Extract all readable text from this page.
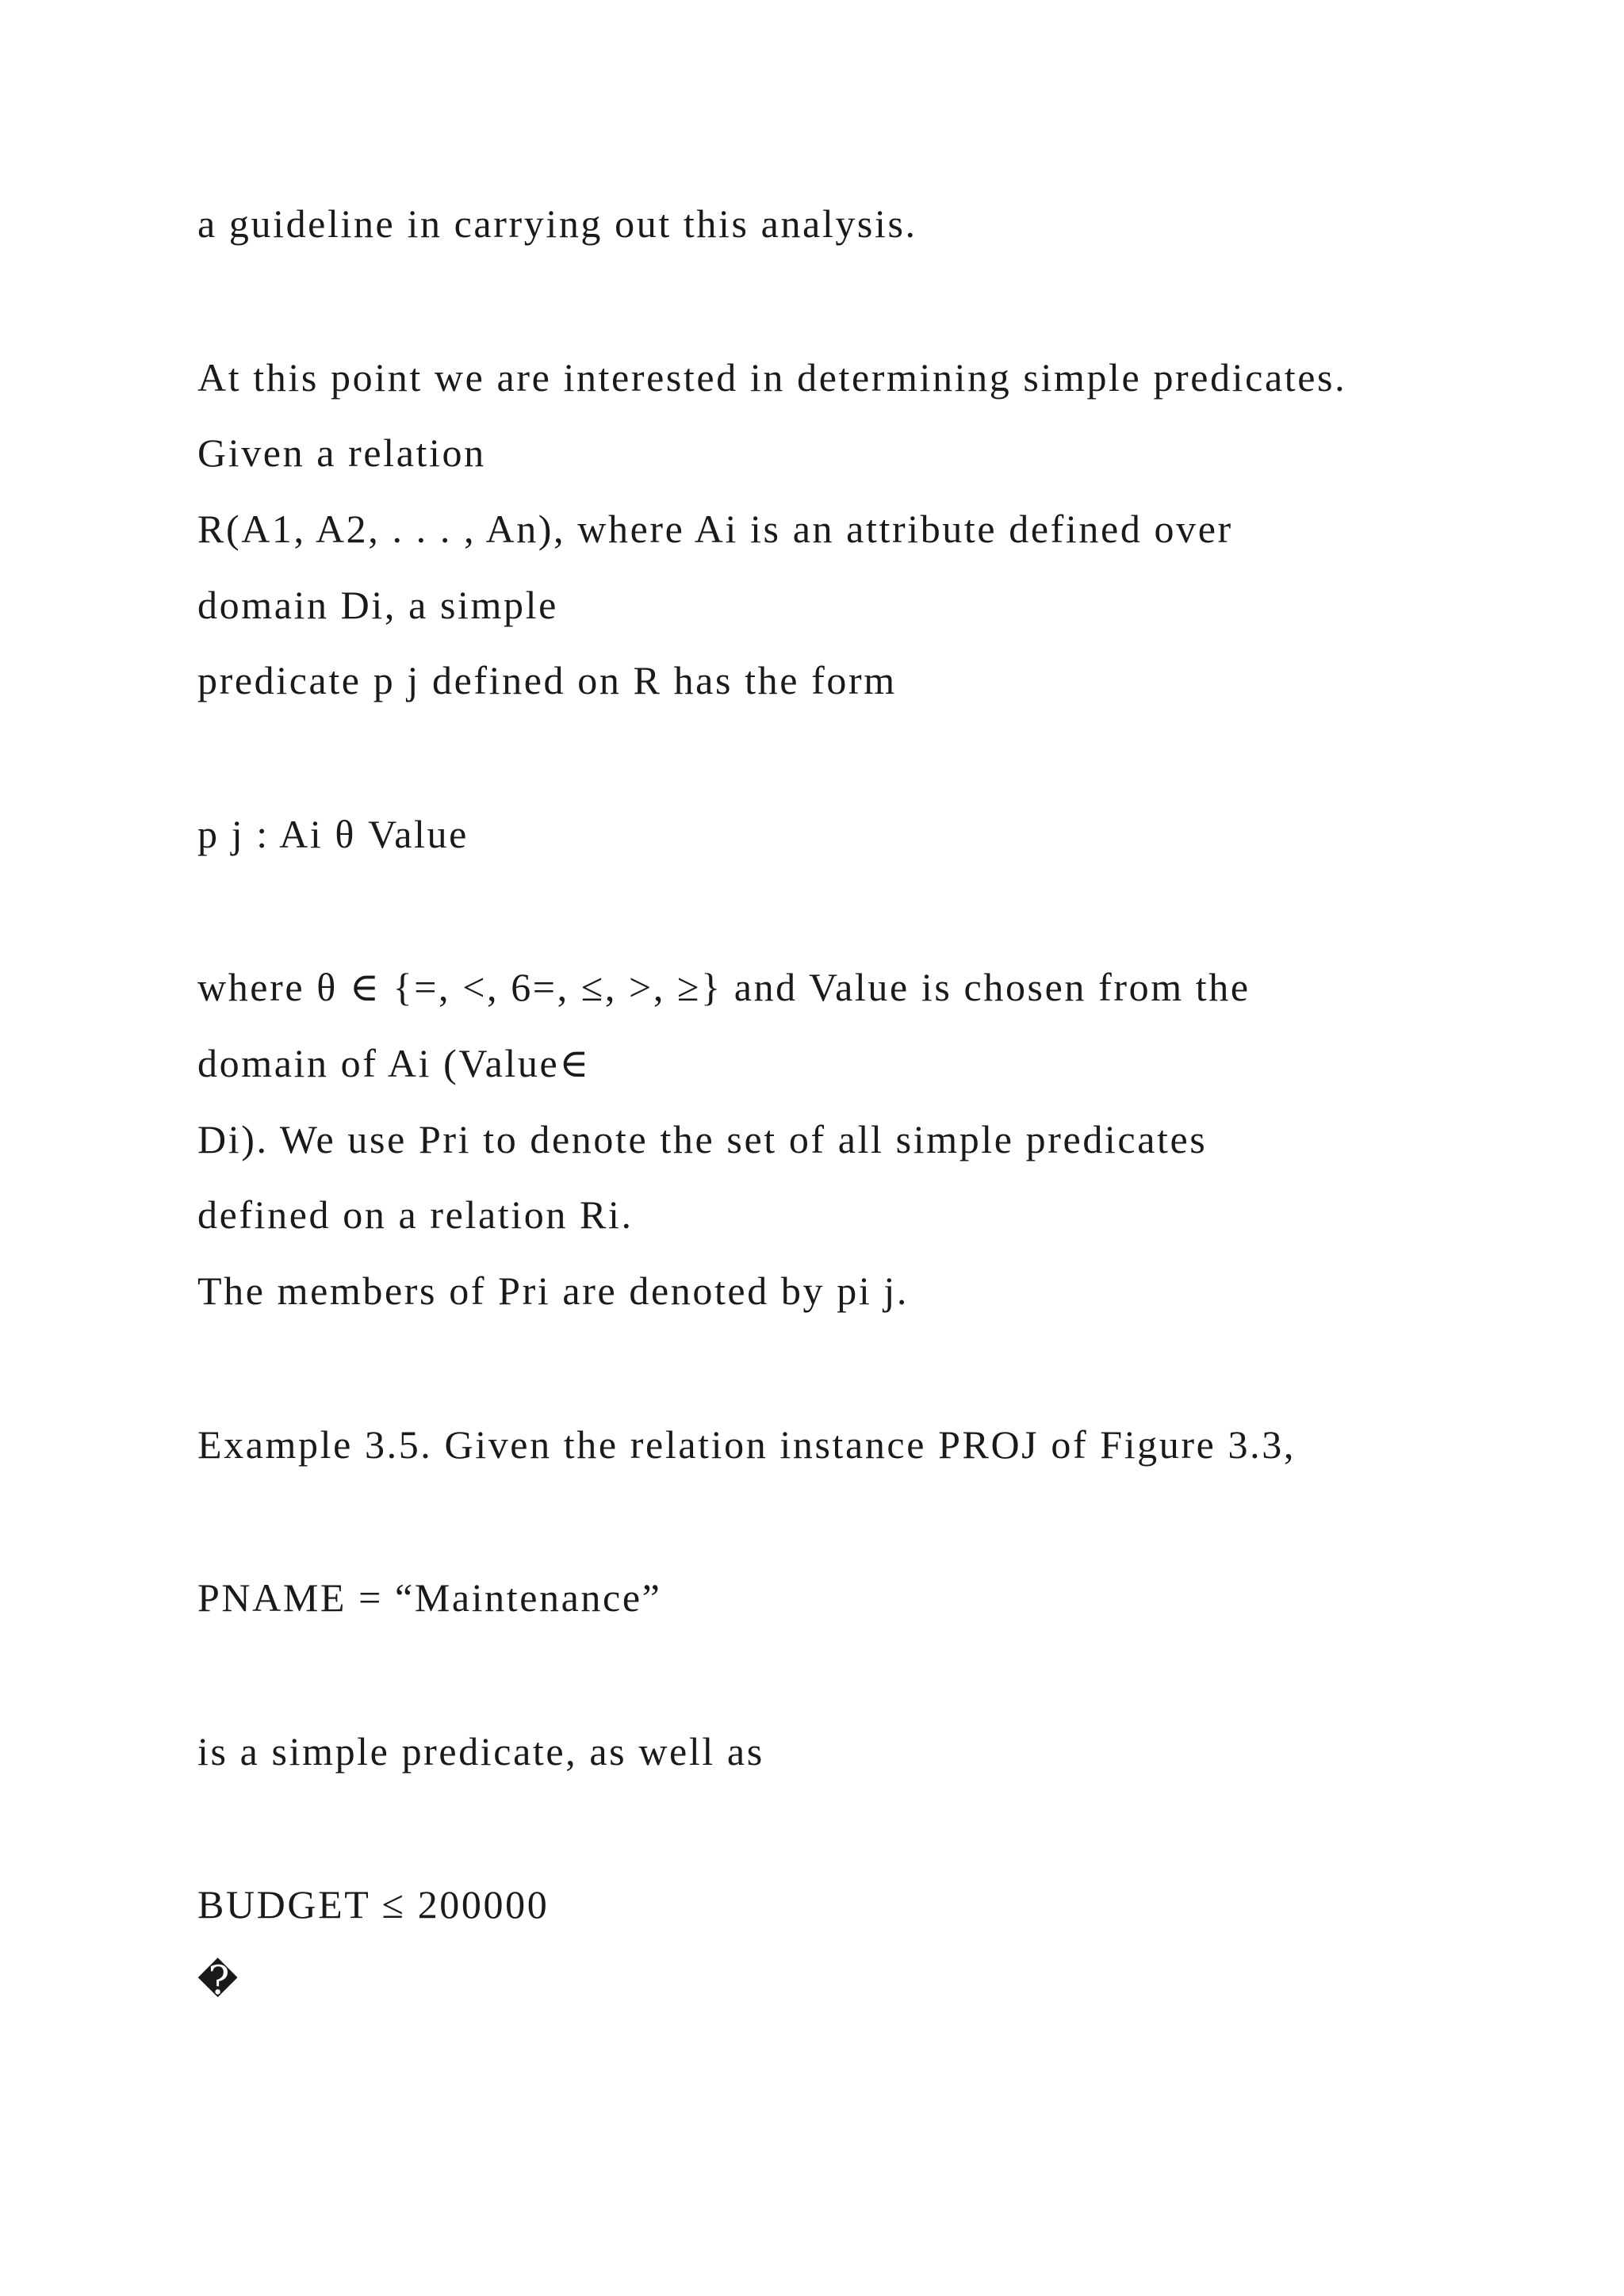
a guideline in carrying out this analysis.

At this point we are interested in determining simple predicates.

Given a relation

R(A1, A2, . . . , An), where Ai is an attribute defined over

domain Di, a simple

predicate p j defined on R has the form

p j : Ai θ Value

where θ ∈ {=, <, 6=, ≤, >, ≥} and Value is chosen from the

domain of Ai (Value∈

Di). We use Pri to denote the set of all simple predicates

defined on a relation Ri.

The members of Pri are denoted by pi j.

Example 3.5. Given the relation instance PROJ of Figure 3.3,

PNAME = “Maintenance”

is a simple predicate, as well as

BUDGET ≤ 200000

�
